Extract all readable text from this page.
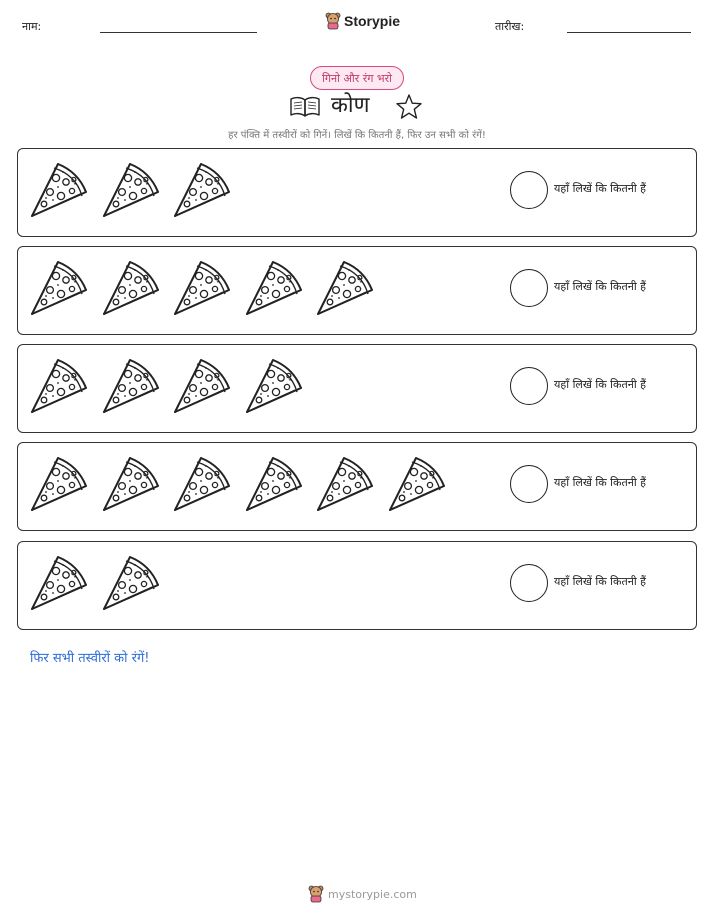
नाम:	Storypie	तारीख:
गिनो और रंग भरो
कोण
हर पंक्ति में तस्वीरों को गिनें। लिखें कि कितनी हैं, फिर उन सभी को रंगें!
यहाँ लिखें कि कितनी हैं
यहाँ लिखें कि कितनी हैं
यहाँ लिखें कि कितनी हैं
यहाँ लिखें कि कितनी हैं
यहाँ लिखें कि कितनी हैं
फिर सभी तस्वीरों को रंगें!
mystorypie.com
